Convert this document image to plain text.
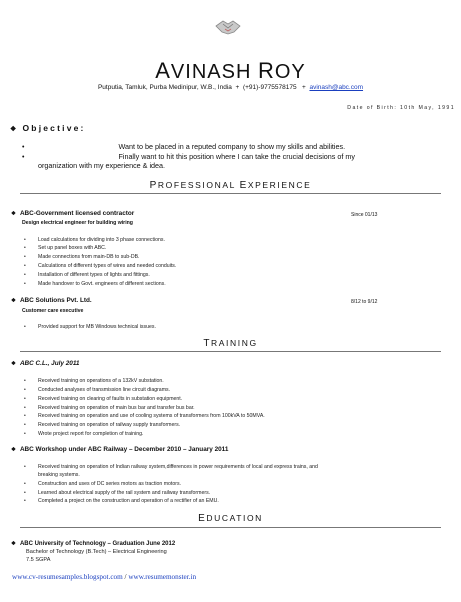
AVINASH ROY
Putputia, Tamluk, Purba Medinipur, W.B., India + (+91)-9775578175 + avinash@abc.com
Date of Birth: 10th May, 1991
❖ Objective:
•	Want to be placed in a reputed company to show my skills and abilities.
•	Finally want to hit this position where I can take the crucial decisions of my
organization with my experience & idea.
PROFESSIONAL EXPERIENCE
❖ ABC-Government licensed contractor	Since 01/13
Design electrical engineer for building wiring
• Load calculations for dividing into 3 phase connections.
• Set up panel boxes with ABC.
• Made connections from main-DB to sub-DB.
• Calculations of different types of wires and needed conduits.
• Installation of different types of lights and fittings.
• Made handover to Govt. engineers of different sections.
❖ ABC Solutions Pvt. Ltd.	8/12 to 9/12
Customer care executive
• Provided support for MB Windows technical issues.
TRAINING
❖ ABC C.L., July 2011
• Received training on operations of a 132kV substation.
• Conducted analyses of transmission line circuit diagrams.
• Received training on clearing of faults in substation equipment.
• Received training on operation of main bus bar and transfer bus bar.
• Received training on operation and use of cooling systems of transformers from 100kVA to 50MVA.
• Received training on operation of railway supply transformers.
• Wrote project report for completion of training.
❖ ABC Workshop under ABC Railway – December 2010 – January 2011
• Received training on operation of Indian railway system,differences in power requirements of local and express trains, and
breaking systems.
• Construction and uses of DC series motors as traction motors.
• Learned about electrical supply of the rail system and railway transformers.
• Completed a project on the construction and operation of a rectifier of an EMU.
EDUCATION
❖ ABC University of Technology – Graduation June 2012
Bachelor of Technology (B.Tech) – Electrical Engineering
7.5 SGPA
www.cv-resumesamples.blogspot.com / www.resumemonster.in
